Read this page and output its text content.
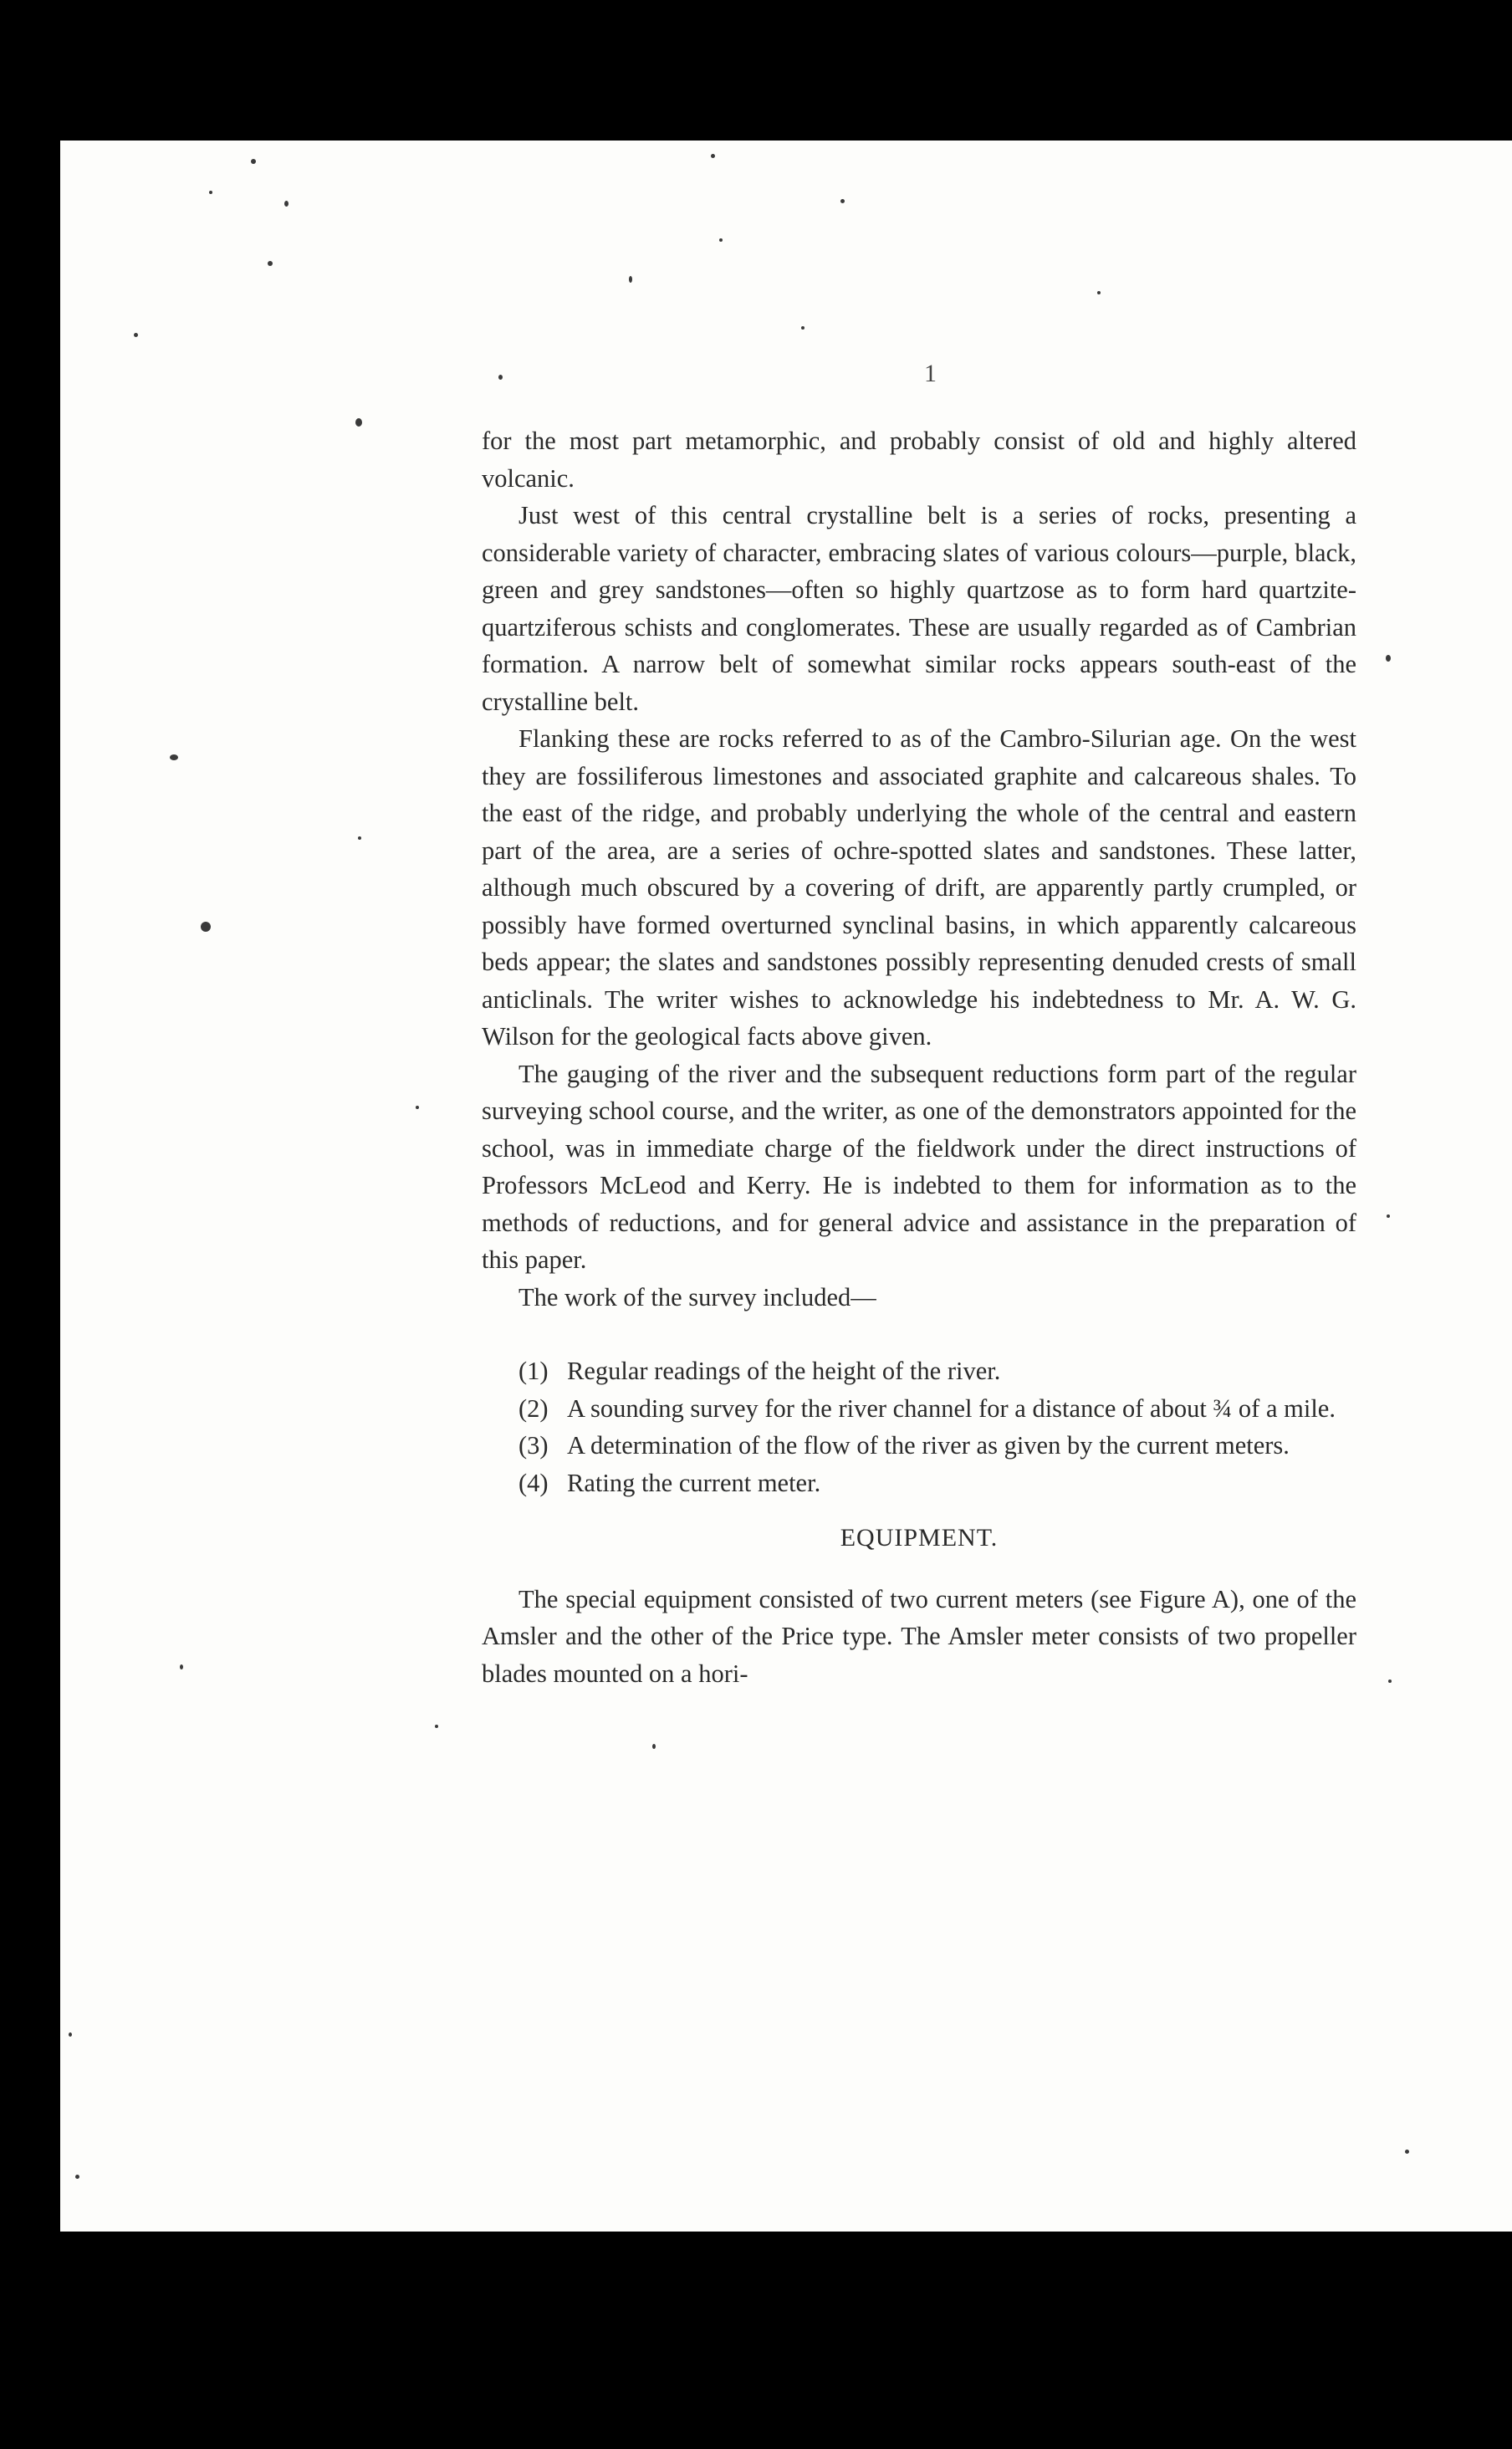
1

for the most part metamorphic, and probably consist of old and highly altered volcanic.

Just west of this central crystalline belt is a series of rocks, presenting a considerable variety of character, embracing slates of various colours—purple, black, green and grey sandstones—often so highly quartzose as to form hard quartzite-quartziferous schists and conglomerates. These are usually regarded as of Cambrian formation. A narrow belt of somewhat similar rocks appears south-east of the crystalline belt.

Flanking these are rocks referred to as of the Cambro-Silurian age. On the west they are fossiliferous limestones and associated graphite and calcareous shales. To the east of the ridge, and probably underlying the whole of the central and eastern part of the area, are a series of ochre-spotted slates and sandstones. These latter, although much obscured by a covering of drift, are apparently partly crumpled, or possibly have formed overturned synclinal basins, in which apparently calcareous beds appear; the slates and sandstones possibly representing denuded crests of small anticlinals. The writer wishes to acknowledge his indebtedness to Mr. A. W. G. Wilson for the geological facts above given.

The gauging of the river and the subsequent reductions form part of the regular surveying school course, and the writer, as one of the demonstrators appointed for the school, was in immediate charge of the fieldwork under the direct instructions of Professors McLeod and Kerry. He is indebted to them for information as to the methods of reductions, and for general advice and assistance in the preparation of this paper.

The work of the survey included—

(1) Regular readings of the height of the river.
(2) A sounding survey for the river channel for a distance of about ¾ of a mile.
(3) A determination of the flow of the river as given by the current meters.
(4) Rating the current meter.
EQUIPMENT.

The special equipment consisted of two current meters (see Figure A), one of the Amsler and the other of the Price type. The Amsler meter consists of two propeller blades mounted on a hori-
